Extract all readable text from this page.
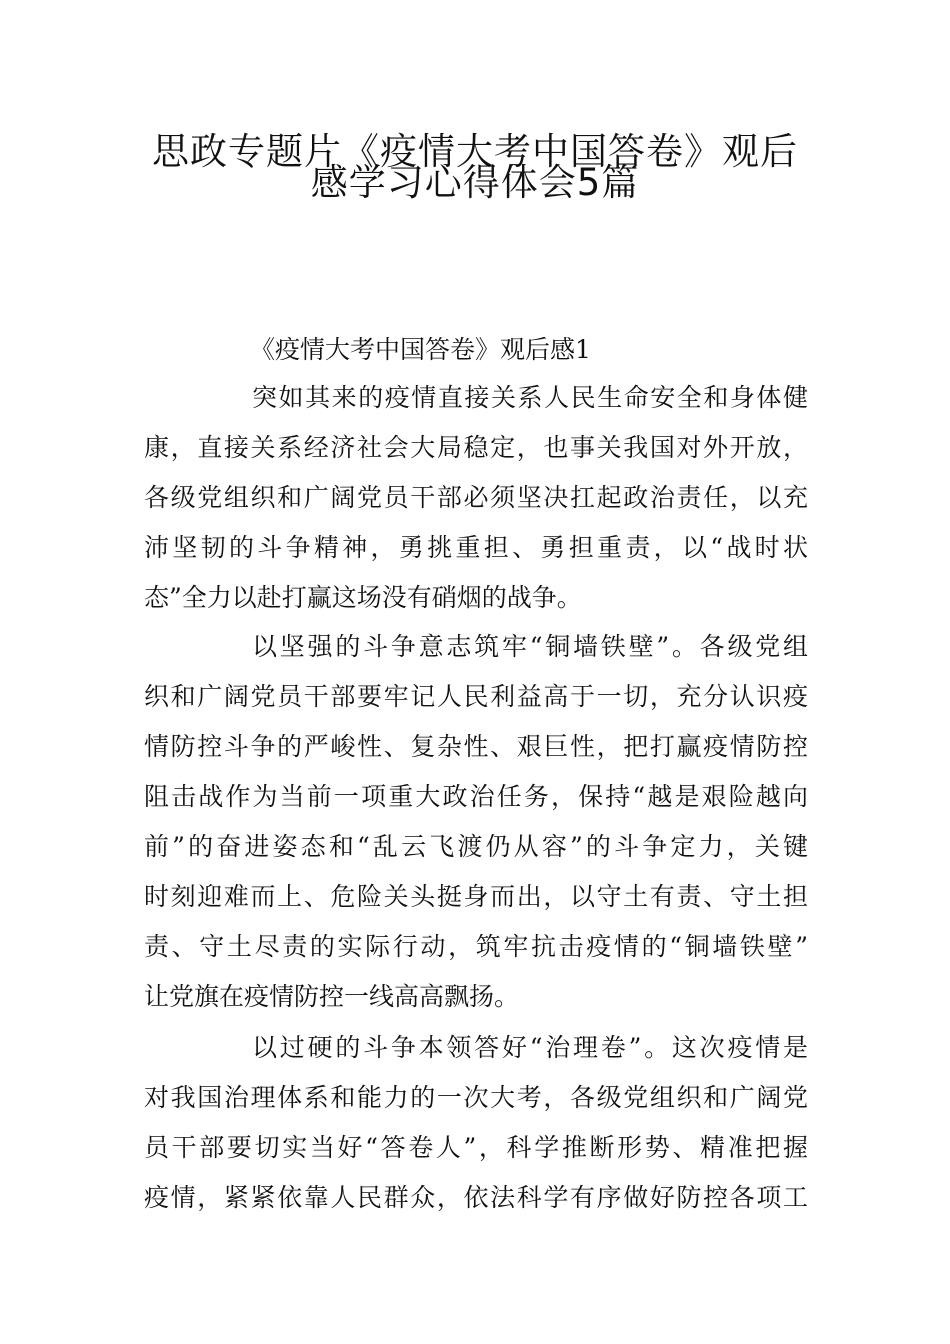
思政专题片《疫情大考中国答卷》观后
感学习心得体会5篇
《疫情大考中国答卷》观后感1
突如其来的疫情直接关系人民生命安全和身体健
康，直接关系经济社会大局稳定，也事关我国对外开放，
各级党组织和广阔党员干部必须坚决扛起政治责任，以充
沛坚韧的斗争精神，勇挑重担、勇担重责，以“战时状
态”全力以赴打赢这场没有硝烟的战争。
以坚强的斗争意志筑牢“铜墙铁壁”。各级党组
织和广阔党员干部要牢记人民利益高于一切，充分认识疫
情防控斗争的严峻性、复杂性、艰巨性，把打赢疫情防控
阻击战作为当前一项重大政治任务，保持“越是艰险越向
前”的奋进姿态和“乱云飞渡仍从容”的斗争定力，关键
时刻迎难而上、危险关头挺身而出，以守土有责、守土担
责、守土尽责的实际行动，筑牢抗击疫情的“铜墙铁壁”
让党旗在疫情防控一线高高飘扬。
以过硬的斗争本领答好“治理卷”。这次疫情是
对我国治理体系和能力的一次大考，各级党组织和广阔党
员干部要切实当好“答卷人”，科学推断形势、精准把握
疫情，紧紧依靠人民群众，依法科学有序做好防控各项工
